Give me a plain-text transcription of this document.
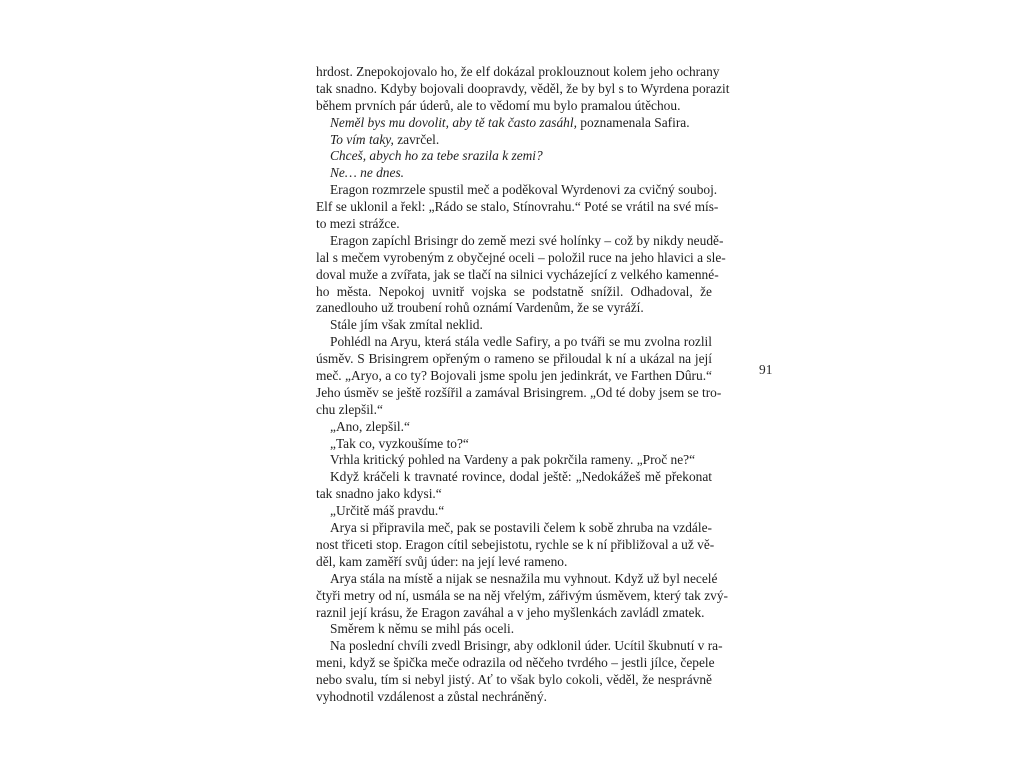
hrdost. Znepokojovalo ho, že elf dokázal proklouznout kolem jeho ochrany
tak snadno. Kdyby bojovali doopravdy, věděl, že by byl s to Wyrdena porazit
během prvních pár úderů, ale to vědomí mu bylo pramalou útěchou.
Neměl bys mu dovolit, aby tě tak často zasáhl, poznamenala Safira.
To vím taky, zavrčel.
Chceš, abych ho za tebe srazila k zemi?
Ne… ne dnes.
Eragon rozmrzele spustil meč a poděkoval Wyrdenovi za cvičný souboj.
Elf se uklonil a řekl: „Rádo se stalo, Stínovrahu.“ Poté se vrátil na své mís-
to mezi strážce.
Eragon zapíchl Brisingr do země mezi své holínky – což by nikdy neudě-
lal s mečem vyrobeným z obyčejné oceli – položil ruce na jeho hlavici a sle-
doval muže a zvířata, jak se tlačí na silnici vycházející z velkého kamenné-
ho města. Nepokoj uvnitř vojska se podstatně snížil. Odhadoval, že
zanedlouho už troubení rohů oznámí Vardenům, že se vyráží.
Stále jím však zmítal neklid.
Pohlédl na Aryu, která stála vedle Safiry, a po tváři se mu zvolna rozlil
úsměv. S Brisingrem opřeným o rameno se přiloudal k ní a ukázal na její
meč. „Aryo, a co ty? Bojovali jsme spolu jen jedinkrát, ve Farthen Dûru.“
Jeho úsměv se ještě rozšířil a zamával Brisingrem. „Od té doby jsem se tro-
chu zlepšil.“
„Ano, zlepšil.“
„Tak co, vyzkoušíme to?“
Vrhla kritický pohled na Vardeny a pak pokrčila rameny. „Proč ne?“
Když kráčeli k travnaté rovince, dodal ještě: „Nedokážeš mě překonat
tak snadno jako kdysi.“
„Určitě máš pravdu.“
Arya si připravila meč, pak se postavili čelem k sobě zhruba na vzdále-
nost třiceti stop. Eragon cítil sebejistotu, rychle se k ní přibližoval a už vě-
děl, kam zaměří svůj úder: na její levé rameno.
Arya stála na místě a nijak se nesnažila mu vyhnout. Když už byl necelé
čtyři metry od ní, usmála se na něj vřelým, zářivým úsměvem, který tak zvý-
raznil její krásu, že Eragon zaváhal a v jeho myšlenkách zavládl zmatek.
Směrem k němu se mihl pás oceli.
Na poslední chvíli zvedl Brisingr, aby odklonil úder. Ucítil škubnutí v ra-
meni, když se špička meče odrazila od něčeho tvrdého – jestli jílce, čepele
nebo svalu, tím si nebyl jistý. Ať to však bylo cokoli, věděl, že nesprávně
vyhodnotil vzdálenost a zůstal nechráněný.
91
